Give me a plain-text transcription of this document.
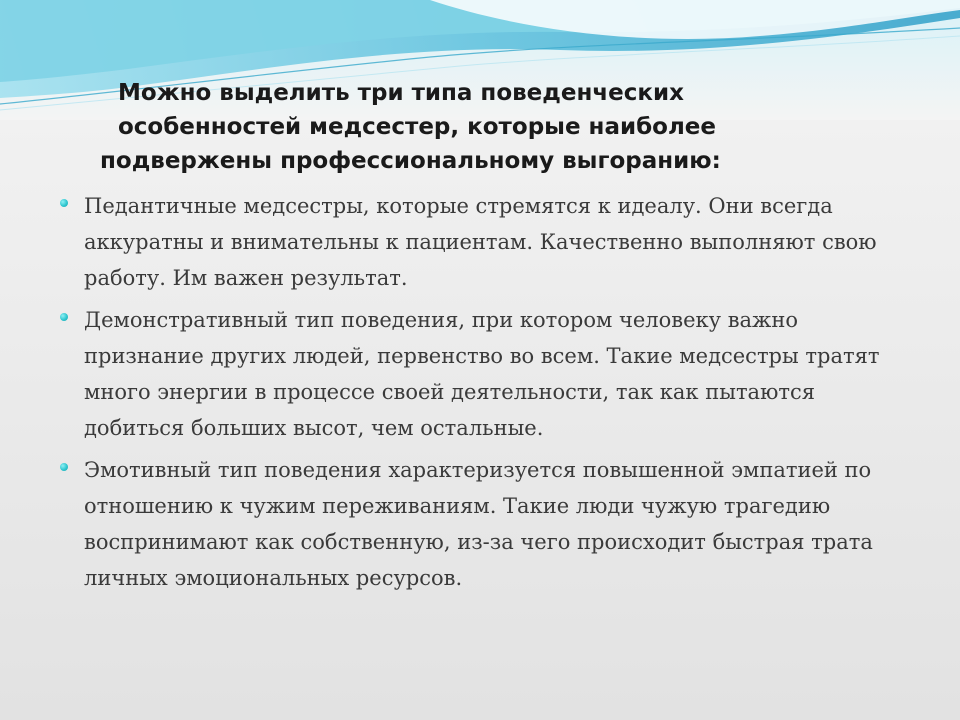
Можно выделить три типа поведенческих
особенностей медсестер, которые наиболее
подвержены профессиональному выгоранию:
Педантичные медсестры, которые стремятся к идеалу. Они всегда аккуратны и внимательны к пациентам. Качественно выполняют свою работу. Им важен результат.
Демонстративный тип поведения, при котором человеку важно признание других людей, первенство во всем. Такие медсестры тратят много энергии в процессе своей деятельности, так как пытаются добиться больших высот, чем остальные.
Эмотивный тип поведения характеризуется повышенной эмпатией по отношению к чужим переживаниям. Такие люди чужую трагедию воспринимают как собственную, из-за чего происходит быстрая трата личных эмоциональных ресурсов.
